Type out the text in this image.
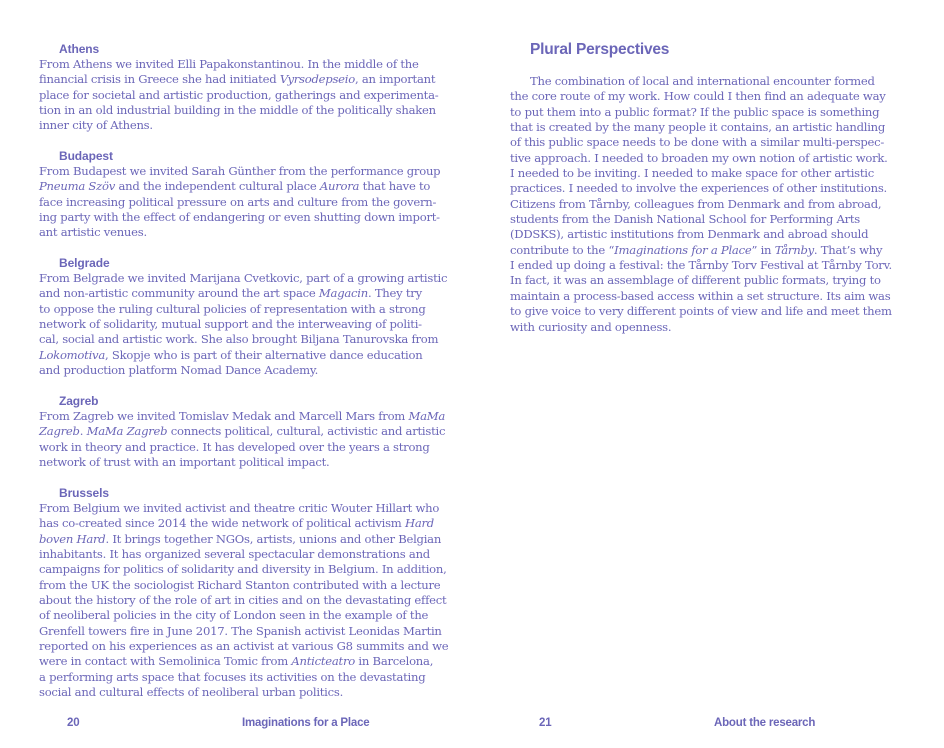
Athens
From Athens we invited Elli Papakonstantinou. In the middle of the
financial crisis in Greece she had initiated Vyrsodepseio, an important
place for societal and artistic production, gatherings and experimenta-
tion in an old industrial building in the middle of the politically shaken
inner city of Athens.
Budapest
From Budapest we invited Sarah Günther from the performance group
Pneuma Szöv and the independent cultural place Aurora that have to
face increasing political pressure on arts and culture from the govern-
ing party with the effect of endangering or even shutting down import-
ant artistic venues.
Belgrade
From Belgrade we invited Marijana Cvetkovic, part of a growing artistic
and non-artistic community around the art space Magacin. They try
to oppose the ruling cultural policies of representation with a strong
network of solidarity, mutual support and the interweaving of politi-
cal, social and artistic work. She also brought Biljana Tanurovska from
Lokomotiva, Skopje who is part of their alternative dance education
and production platform Nomad Dance Academy.
Zagreb
From Zagreb we invited Tomislav Medak and Marcell Mars from MaMa
Zagreb. MaMa Zagreb connects political, cultural, activistic and artistic
work in theory and practice. It has developed over the years a strong
network of trust with an important political impact.
Brussels
From Belgium we invited activist and theatre critic Wouter Hillart who
has co-created since 2014 the wide network of political activism Hard
boven Hard. It brings together NGOs, artists, unions and other Belgian
inhabitants. It has organized several spectacular demonstrations and
campaigns for politics of solidarity and diversity in Belgium. In addition,
from the UK the sociologist Richard Stanton contributed with a lecture
about the history of the role of art in cities and on the devastating effect
of neoliberal policies in the city of London seen in the example of the
Grenfell towers fire in June 2017. The Spanish activist Leonidas Martin
reported on his experiences as an activist at various G8 summits and we
were in contact with Semolinica Tomic from Anticteatro in Barcelona,
a performing arts space that focuses its activities on the devastating
social and cultural effects of neoliberal urban politics.
20	Imaginations for a Place
Plural Perspectives
The combination of local and international encounter formed
the core route of my work. How could I then find an adequate way
to put them into a public format? If the public space is something
that is created by the many people it contains, an artistic handling
of this public space needs to be done with a similar multi-perspec-
tive approach. I needed to broaden my own notion of artistic work.
I needed to be inviting. I needed to make space for other artistic
practices. I needed to involve the experiences of other institutions.
Citizens from Tårnby, colleagues from Denmark and from abroad,
students from the Danish National School for Performing Arts
(DDSKS), artistic institutions from Denmark and abroad should
contribute to the “Imaginations for a Place” in Tårnby. That’s why
I ended up doing a festival: the Tårnby Torv Festival at Tårnby Torv.
In fact, it was an assemblage of different public formats, trying to
maintain a process-based access within a set structure. Its aim was
to give voice to very different points of view and life and meet them
with curiosity and openness.
21	About the research
